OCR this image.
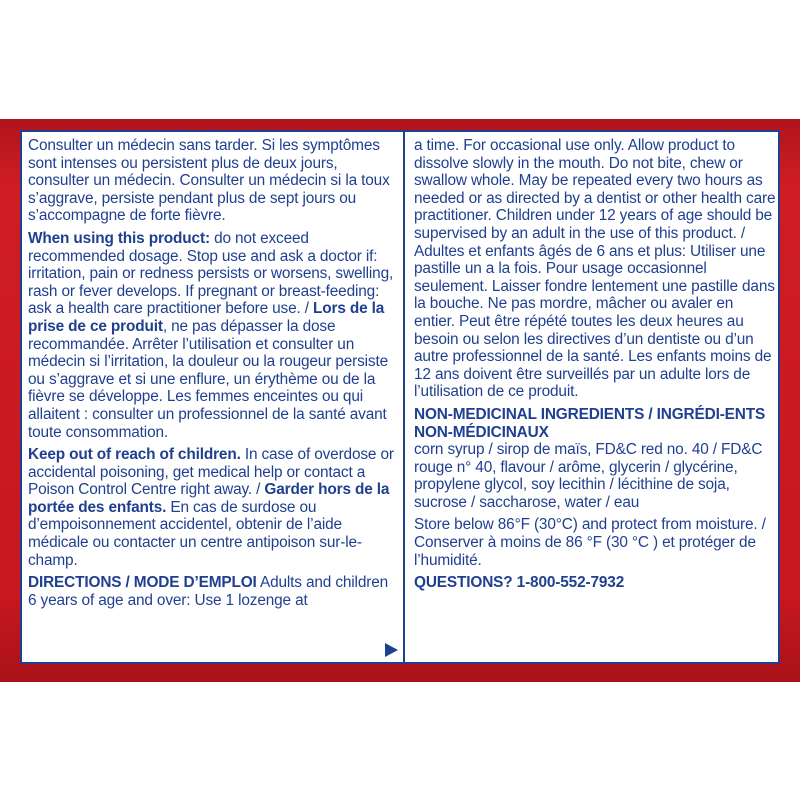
Consulter un médecin sans tarder. Si les symptômes sont intenses ou persistent plus de deux jours, consulter un médecin. Consulter un médecin si la toux s’aggrave, persiste pendant plus de sept jours ou s’accompagne de forte fièvre.

When using this product: do not exceed recommended dosage. Stop use and ask a doctor if: irritation, pain or redness persists or worsens, swelling, rash or fever develops. If pregnant or breast-feeding: ask a health care practitioner before use. / Lors de la prise de ce produit, ne pas dépasser la dose recommandée. Arrêter l’utilisation et consulter un médecin si l’irritation, la douleur ou la rougeur persiste ou s’aggrave et si une enflure, un érythème ou de la fièvre se développe. Les femmes enceintes ou qui allaitent : consulter un professionnel de la santé avant toute consommation.

Keep out of reach of children. In case of overdose or accidental poisoning, get medical help or contact a Poison Control Centre right away. / Garder hors de la portée des enfants. En cas de surdose ou d’empoisonnement accidentel, obtenir de l’aide médicale ou contacter un centre antipoison sur-le-champ.

DIRECTIONS / MODE D’EMPLOI Adults and children 6 years of age and over: Use 1 lozenge at

a time. For occasional use only. Allow product to dissolve slowly in the mouth. Do not bite, chew or swallow whole. May be repeated every two hours as needed or as directed by a dentist or other health care practitioner. Children under 12 years of age should be supervised by an adult in the use of this product. / Adultes et enfants âgés de 6 ans et plus: Utiliser une pastille un a la fois. Pour usage occasionnel seulement. Laisser fondre lentement une pastille dans la bouche. Ne pas mordre, mâcher ou avaler en entier. Peut être répété toutes les deux heures au besoin ou selon les directives d’un dentiste ou d’un autre professionnel de la santé. Les enfants moins de 12 ans doivent être surveillés par un adulte lors de l’utilisation de ce produit.

NON-MEDICINAL INGREDIENTS / INGRÉDI-ENTS NON-MÉDICINAUX

corn syrup / sirop de maïs, FD&C red no. 40 / FD&C rouge n° 40, flavour / arôme, glycerin / glycérine, propylene glycol, soy lecithin / lécithine de soja, sucrose / saccharose, water / eau

Store below 86°F (30°C) and protect from moisture. / Conserver à moins de 86 °F (30 °C ) et protéger de l’humidité.

QUESTIONS? 1-800-552-7932
